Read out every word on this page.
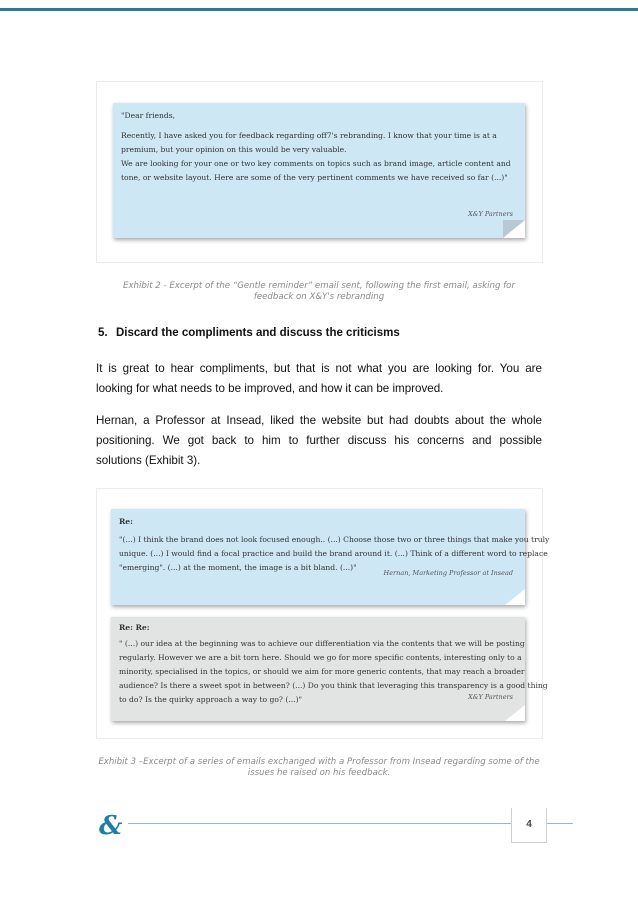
"Dear friends,
Recently, I have asked you for feedback regarding off7's rebranding. I know that your time is at a
premium, but your opinion on this would be very valuable.
We are looking for your one or two key comments on topics such as brand image, article content and
tone, or website layout. Here are some of the very pertinent comments we have received so far (...)"
X&Y Partners
Exhibit 2 - Excerpt of the “Gentle reminder” email sent, following the first email, asking for
feedback on X&Y's rebranding
5. Discard the compliments and discuss the criticisms
It is great to hear compliments, but that is not what you are looking for. You are
looking for what needs to be improved, and how it can be improved.
Hernan, a Professor at Insead, liked the website but had doubts about the whole
positioning. We got back to him to further discuss his concerns and possible
solutions (Exhibit 3).
Re:
"(...) I think the brand does not look focused enough.. (...) Choose those two or three things that make you truly
unique. (...) I would find a focal practice and build the brand around it. (...) Think of a different word to replace
"emerging". (...) at the moment, the image is a bit bland. (...)"
Hernan, Marketing Professor at Insead
Re: Re:
" (...) our idea at the beginning was to achieve our differentiation via the contents that we will be posting
regularly. However we are a bit torn here. Should we go for more specific contents, interesting only to a
minority, specialised in the topics, or should we aim for more generic contents, that may reach a broader
audience? Is there a sweet spot in between? (...) Do you think that leveraging this transparency is a good thing
to do? Is the quirky approach a way to go? (...)"	X&Y Partners
Exhibit 3 –Excerpt of a series of emails exchanged with a Professor from Insead regarding some of the
issues he raised on his feedback.
&	4
